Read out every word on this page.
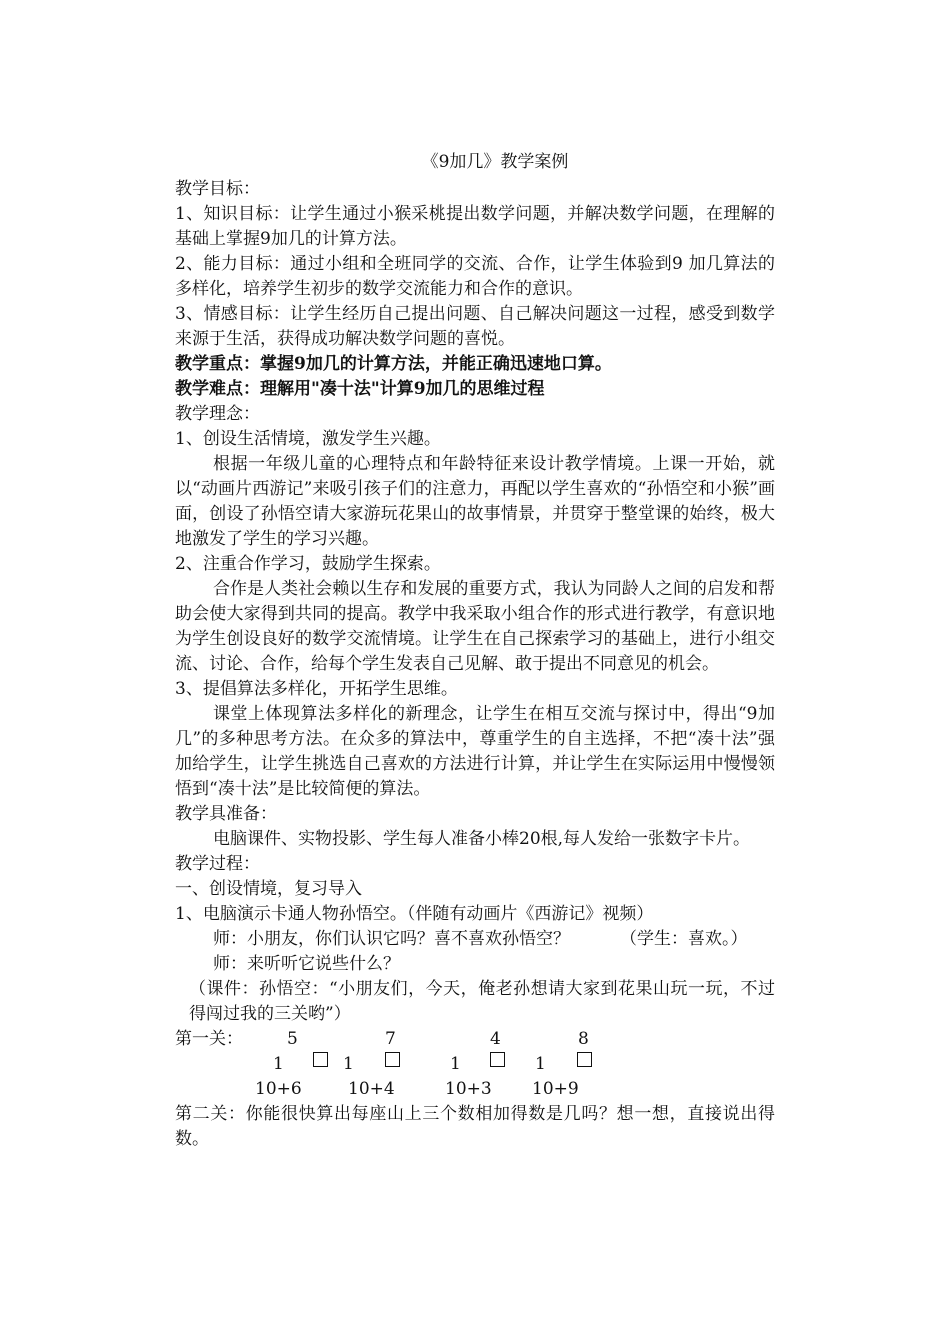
《9加几》教学案例

教学目标：

1、知识目标：让学生通过小猴采桃提出数学问题，并解决数学问题，在理解的基础上掌握9加几的计算方法。

2、能力目标：通过小组和全班同学的交流、合作，让学生体验到9 加几算法的多样化，培养学生初步的数学交流能力和合作的意识。

3、情感目标：让学生经历自己提出问题、自己解决问题这一过程，感受到数学来源于生活，获得成功解决数学问题的喜悦。

教学重点：掌握9加几的计算方法，并能正确迅速地口算。

教学难点：理解用"凑十法"计算9加几的思维过程

教学理念：

1、创设生活情境，激发学生兴趣。

根据一年级儿童的心理特点和年龄特征来设计教学情境。上课一开始，就以“动画片西游记”来吸引孩子们的注意力，再配以学生喜欢的“孙悟空和小猴”画面，创设了孙悟空请大家游玩花果山的故事情景，并贯穿于整堂课的始终，极大地激发了学生的学习兴趣。

2、注重合作学习，鼓励学生探索。

合作是人类社会赖以生存和发展的重要方式，我认为同龄人之间的启发和帮助会使大家得到共同的提高。教学中我采取小组合作的形式进行教学，有意识地为学生创设良好的数学交流情境。让学生在自己探索学习的基础上，进行小组交流、讨论、合作，给每个学生发表自己见解、敢于提出不同意见的机会。

3、提倡算法多样化，开拓学生思维。

课堂上体现算法多样化的新理念，让学生在相互交流与探讨中，得出“9加几”的多种思考方法。在众多的算法中，尊重学生的自主选择，不把“凑十法”强加给学生，让学生挑选自己喜欢的方法进行计算，并让学生在实际运用中慢慢领悟到“凑十法”是比较简便的算法。

教学具准备：

电脑课件、实物投影、学生每人准备小棒20根,每人发给一张数字卡片。

教学过程：

一、创设情境，复习导入

1、电脑演示卡通人物孙悟空。（伴随有动画片《西游记》视频）

师：小朋友，你们认识它吗？喜不喜欢孙悟空？	（学生：喜欢。）

师：来听听它说些什么？

（课件：孙悟空：“小朋友们，今天，俺老孙想请大家到花果山玩一玩，不过得闯过我的三关哟”）

第一关：	5	7	4	8
1	1	1	1
10+6	10+4	10+3 10+9

第二关：你能很快算出每座山上三个数相加得数是几吗？想一想，直接说出得数。
